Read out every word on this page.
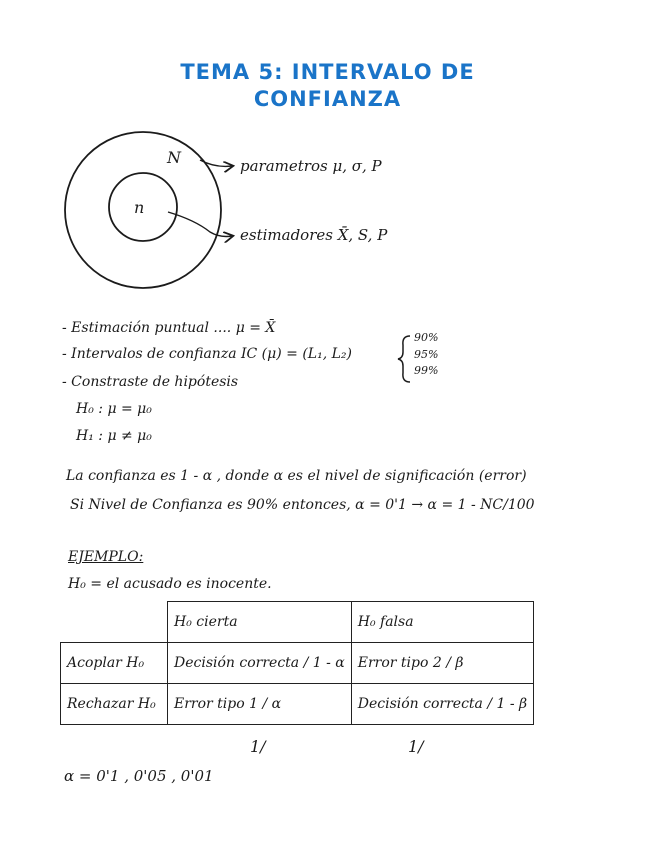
TEMA 5: INTERVALO DE
CONFIANZA
N
n
parametros μ, σ, P
estimadores X̄, S, P
- Estimación puntual .... μ = X̄
- Intervalos de confianza IC (μ) = (L₁, L₂)
90%
95%
99%
- Constraste de hipótesis
H₀ : μ = μ₀
H₁ : μ ≠ μ₀
La confianza es 1 - α , donde α es el nivel de significación (error)
Si Nivel de Confianza es 90% entonces, α = 0'1 → α = 1 - NC/100
EJEMPLO:
H₀ = el acusado es inocente.
	H₀ cierta	H₀ falsa
Acoplar H₀	Decisión correcta / 1 - α	Error tipo 2 / β
Rechazar H₀	Error tipo 1 / α	Decisión correcta / 1 - β
1/	1/
α = 0'1 , 0'05 , 0'01
